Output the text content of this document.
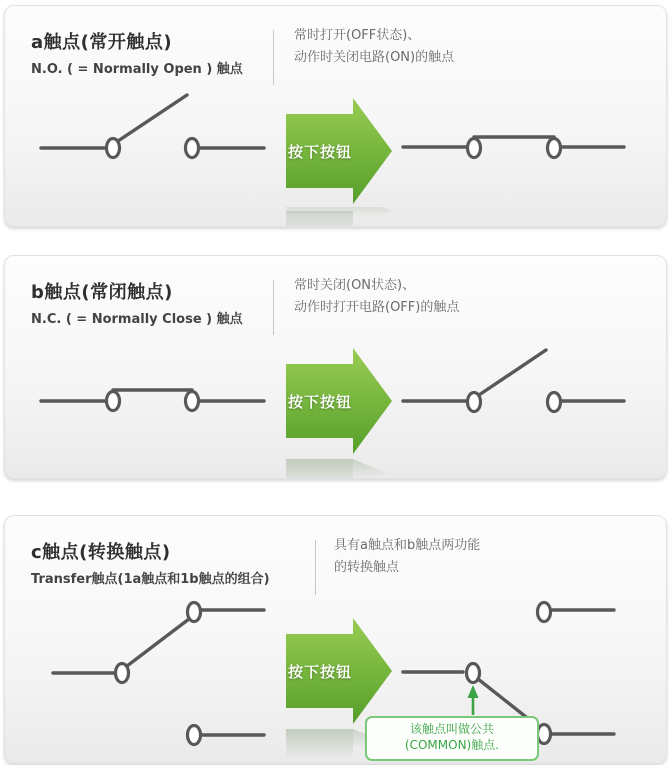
a触点(常开触点)
N.O. ( = Normally Open ) 触点
常时打开(OFF状态)、
动作时关闭电路(ON)的触点
按下按钮
b触点(常闭触点)
N.C. ( = Normally Close ) 触点
常时关闭(ON状态)、
动作时打开电路(OFF)的触点
按下按钮
c触点(转换触点)
Transfer触点(1a触点和1b触点的组合)
具有a触点和b触点两功能
的转换触点
按下按钮
该触点叫做公共
(COMMON)触点.
